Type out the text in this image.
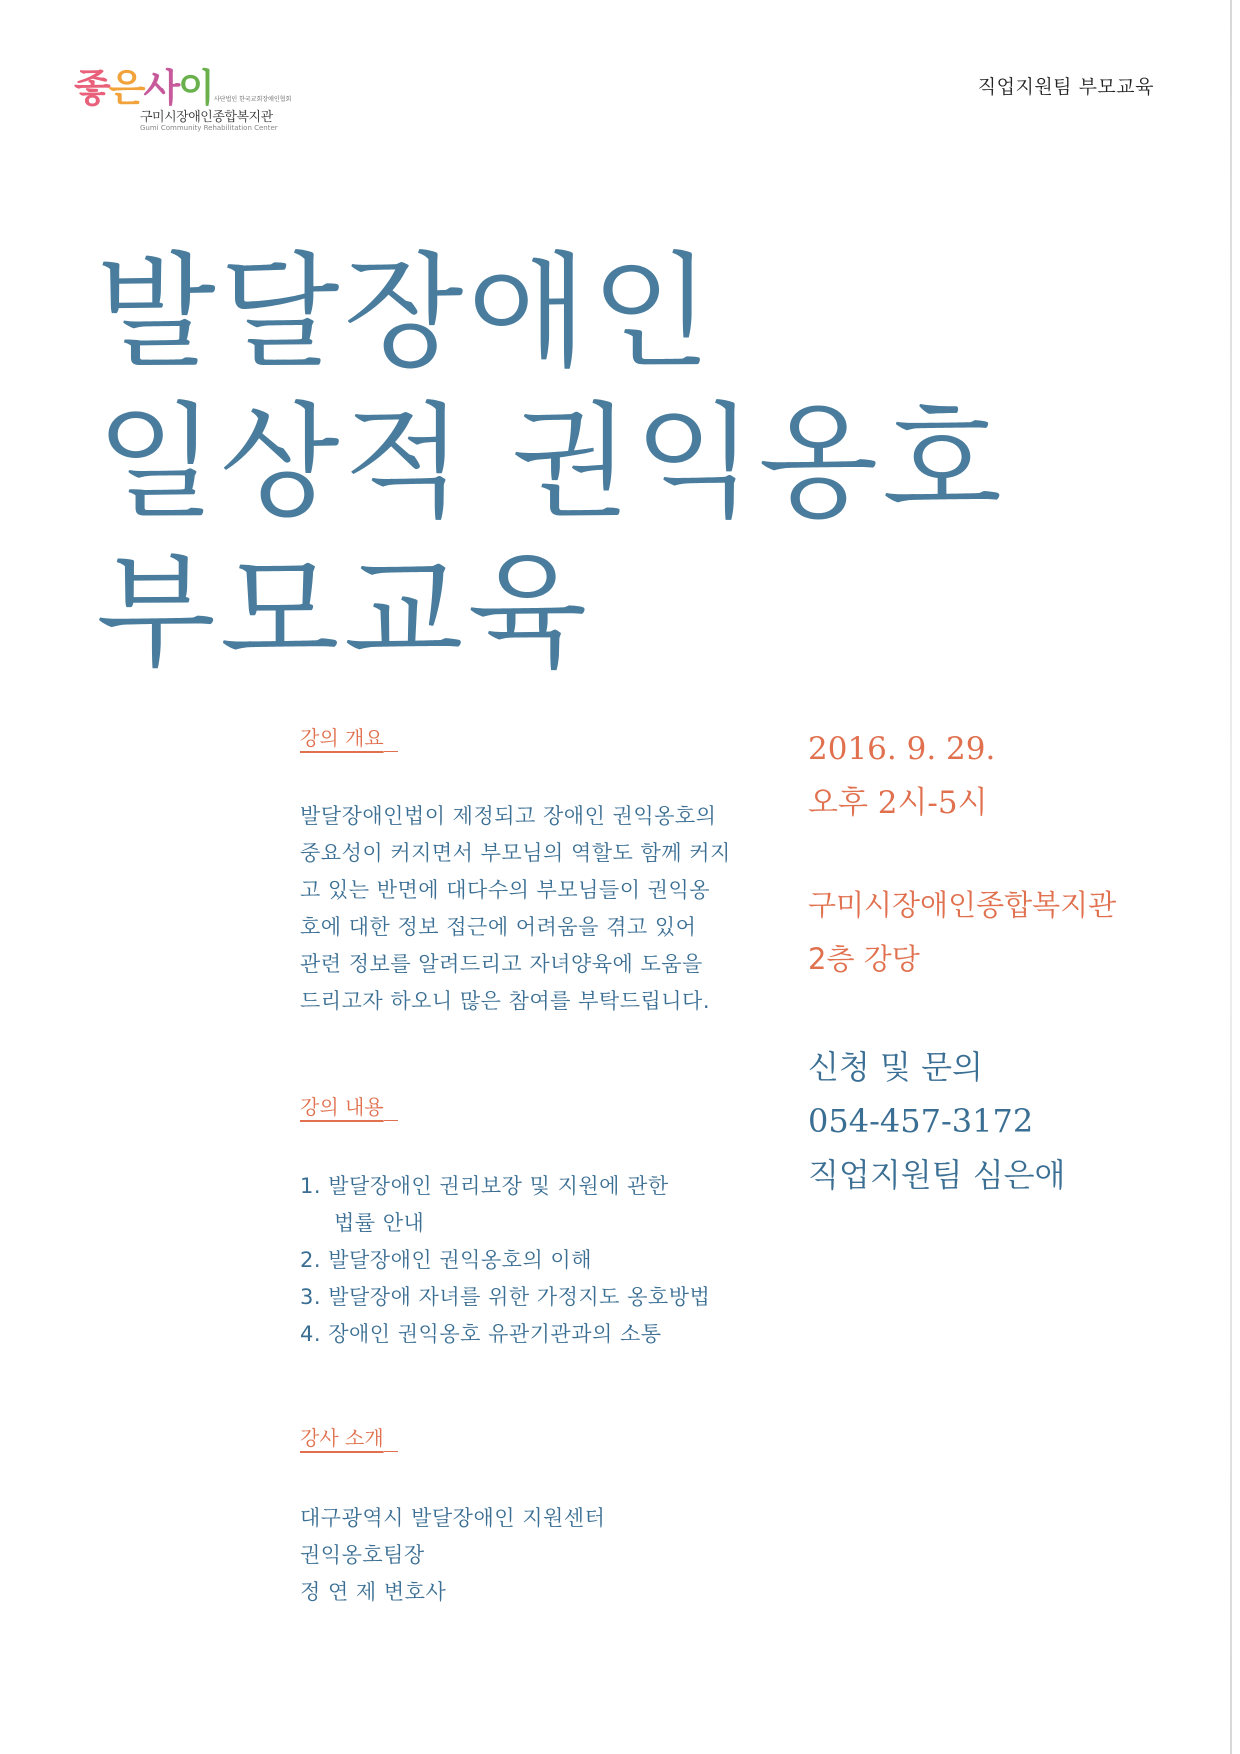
좋은사이 사단법인 한국교회장애인협회
구미시장애인종합복지관
Gumi Community Rehabilitation Center
직업지원팀 부모교육
발달장애인
일상적 권익옹호
부모교육
강의 개요
발달장애인법이 제정되고 장애인 권익옹호의
중요성이 커지면서 부모님의 역할도 함께 커지
고 있는 반면에 대다수의 부모님들이 권익옹
호에 대한 정보 접근에 어려움을 겪고 있어
관련 정보를 알려드리고 자녀양육에 도움을
드리고자 하오니 많은 참여를 부탁드립니다.
강의 내용
1. 발달장애인 권리보장 및 지원에 관한
법률 안내
2. 발달장애인 권익옹호의 이해
3. 발달장애 자녀를 위한 가정지도 옹호방법
4. 장애인 권익옹호 유관기관과의 소통
강사 소개
대구광역시 발달장애인 지원센터
권익옹호팀장
정 연 제 변호사
2016. 9. 29.
오후 2시-5시
구미시장애인종합복지관
2층 강당
신청 및 문의
054-457-3172
직업지원팀 심은애
